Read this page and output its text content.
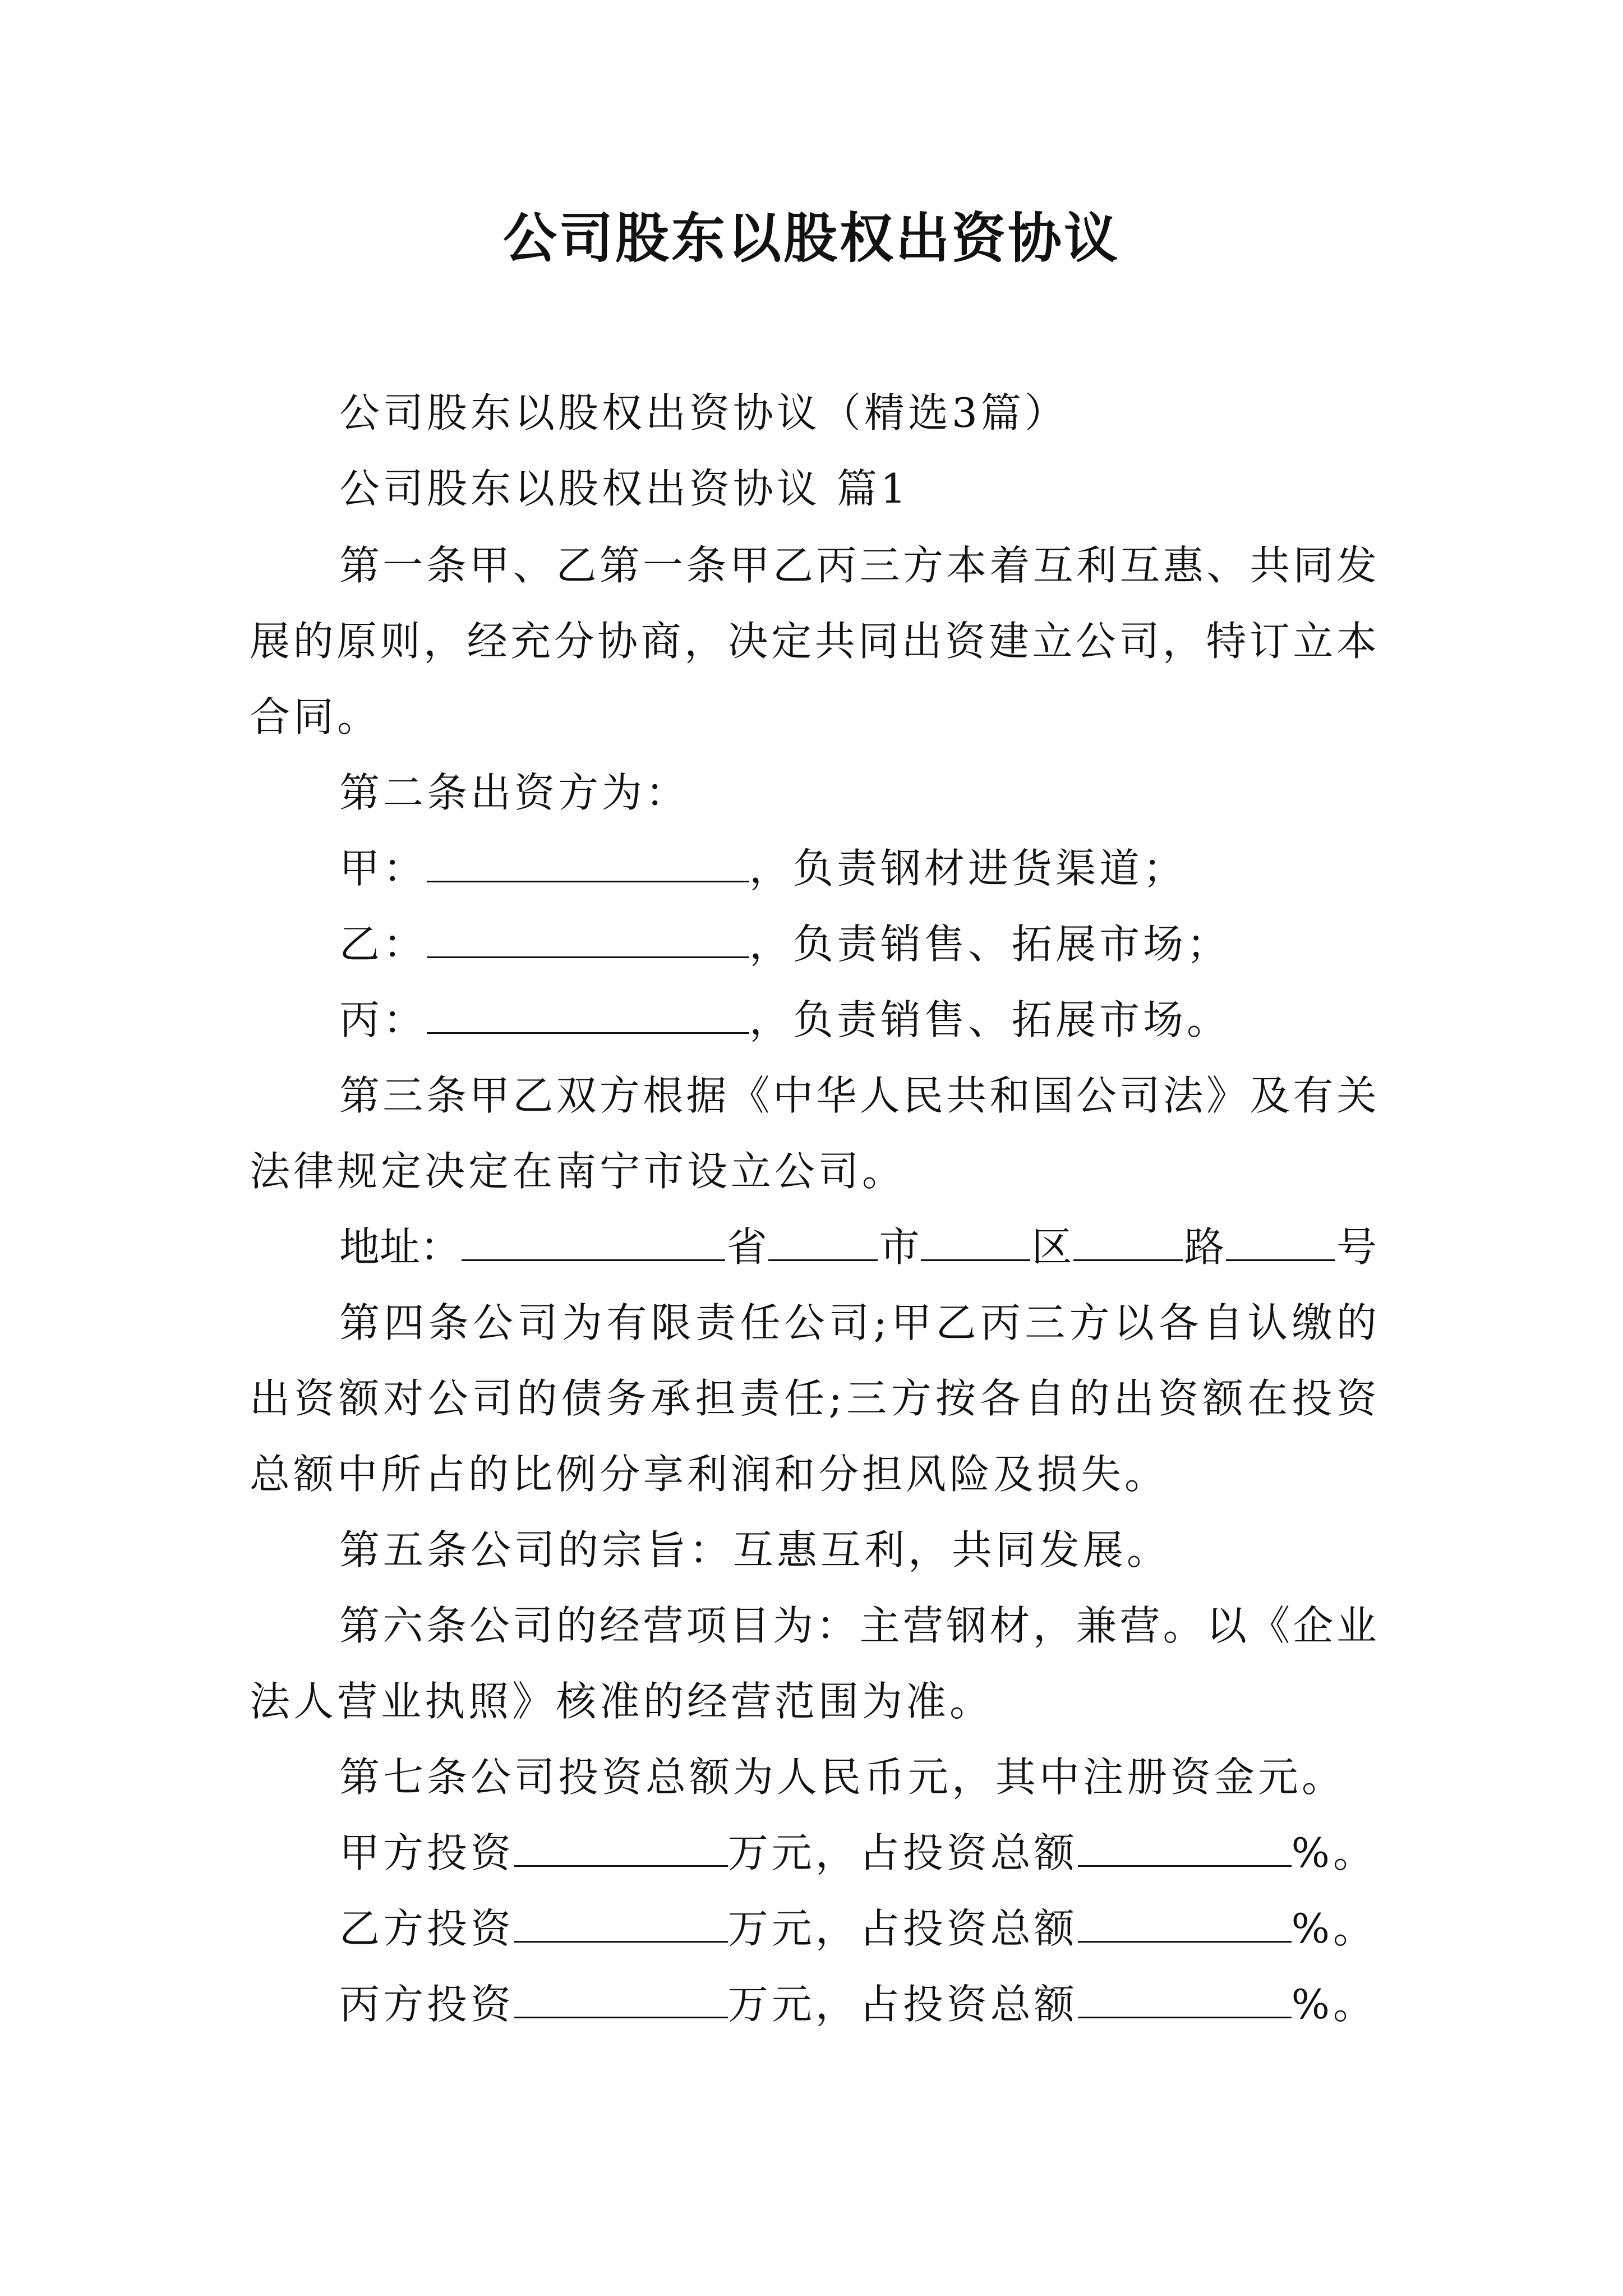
公司股东以股权出资协议
公司股东以股权出资协议（精选3篇）
公司股东以股权出资协议 篇1
第 一 条 甲 、 乙 第 一 条 甲 乙 丙 三 方 本 着 互 利 互 惠 、 共 同 发
展 的 原 则 ， 经 充 分 协 商 ， 决 定 共 同 出 资 建 立 公 司 ， 特 订 立 本
合同。
第二条出资方为：
甲：	，负责钢材进货渠道；
乙：	，负责销售、拓展市场；
丙：	，负责销售、拓展市场。
第 三 条 甲 乙 双 方 根 据 《 中 华 人 民 共 和 国 公 司 法 》 及 有 关
法律规定决定在南宁市设立公司。
地址：	省	市	区	路	号
第 四 条 公 司 为 有 限 责 任 公 司 ; 甲 乙 丙 三 方 以 各 自 认 缴 的
出 资 额 对 公 司 的 债 务 承 担 责 任 ; 三 方 按 各 自 的 出 资 额 在 投 资
总额中所占的比例分享利润和分担风险及损失。
第五条公司的宗旨：互惠互利，共同发展。
第 六 条 公 司 的 经 营 项 目 为 ： 主 营 钢 材 ， 兼 营 。 以 《 企 业
法人营业执照》核准的经营范围为准。
第七条公司投资总额为人民币元，其中注册资金元。
甲方投资	万元，占投资总额	%。
乙方投资	万元，占投资总额	%。
丙方投资	万元，占投资总额	%。
